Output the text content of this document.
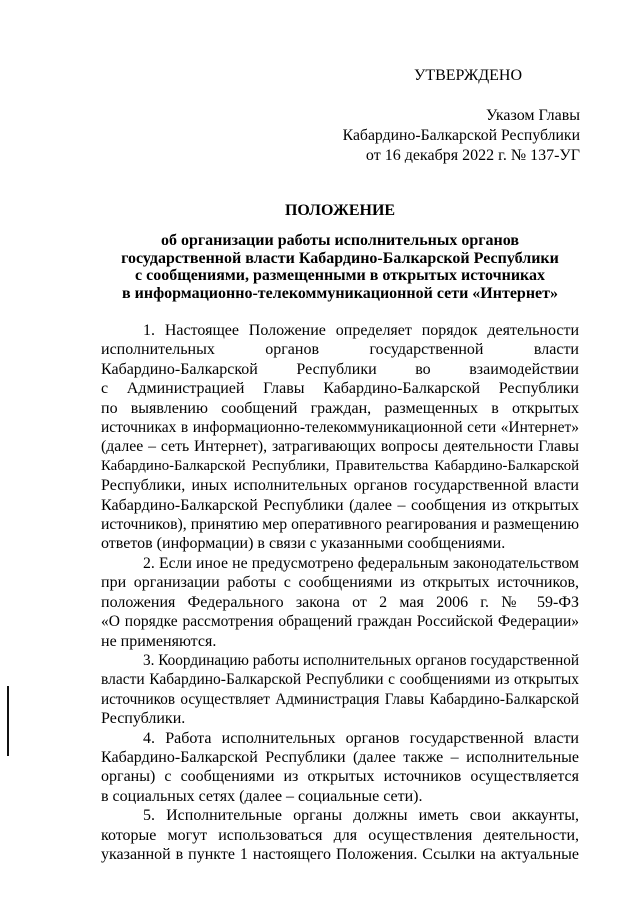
УТВЕРЖДЕНО
Указом Главы
Кабардино-Балкарской Республики
от 16 декабря 2022 г. № 137-УГ
ПОЛОЖЕНИЕ
об организации работы исполнительных органов
государственной власти Кабардино-Балкарской Республики
с сообщениями, размещенными в открытых источниках
в информационно-телекоммуникационной сети «Интернет»
1. Настоящее Положение определяет порядок деятельности
исполнительных органов государственной власти
Кабардино-Балкарской Республики во взаимодействии
с Администрацией Главы Кабардино-Балкарской Республики
по выявлению сообщений граждан, размещенных в открытых
источниках в информационно-телекоммуникационной сети «Интернет»
(далее – сеть Интернет), затрагивающих вопросы деятельности Главы
Кабардино-Балкарской Республики, Правительства Кабардино-Балкарской
Республики, иных исполнительных органов государственной власти
Кабардино-Балкарской Республики (далее – сообщения из открытых
источников), принятию мер оперативного реагирования и размещению
ответов (информации) в связи с указанными сообщениями.
2. Если иное не предусмотрено федеральным законодательством
при организации работы с сообщениями из открытых источников,
положения Федерального закона от 2 мая 2006 г. № 59-ФЗ
«О порядке рассмотрения обращений граждан Российской Федерации»
не применяются.
3. Координацию работы исполнительных органов государственной
власти Кабардино-Балкарской Республики с сообщениями из открытых
источников осуществляет Администрация Главы Кабардино-Балкарской
Республики.
4. Работа исполнительных органов государственной власти
Кабардино-Балкарской Республики (далее также – исполнительные
органы) с сообщениями из открытых источников осуществляется
в социальных сетях (далее – социальные сети).
5. Исполнительные органы должны иметь свои аккаунты,
которые могут использоваться для осуществления деятельности,
указанной в пункте 1 настоящего Положения. Ссылки на актуальные
